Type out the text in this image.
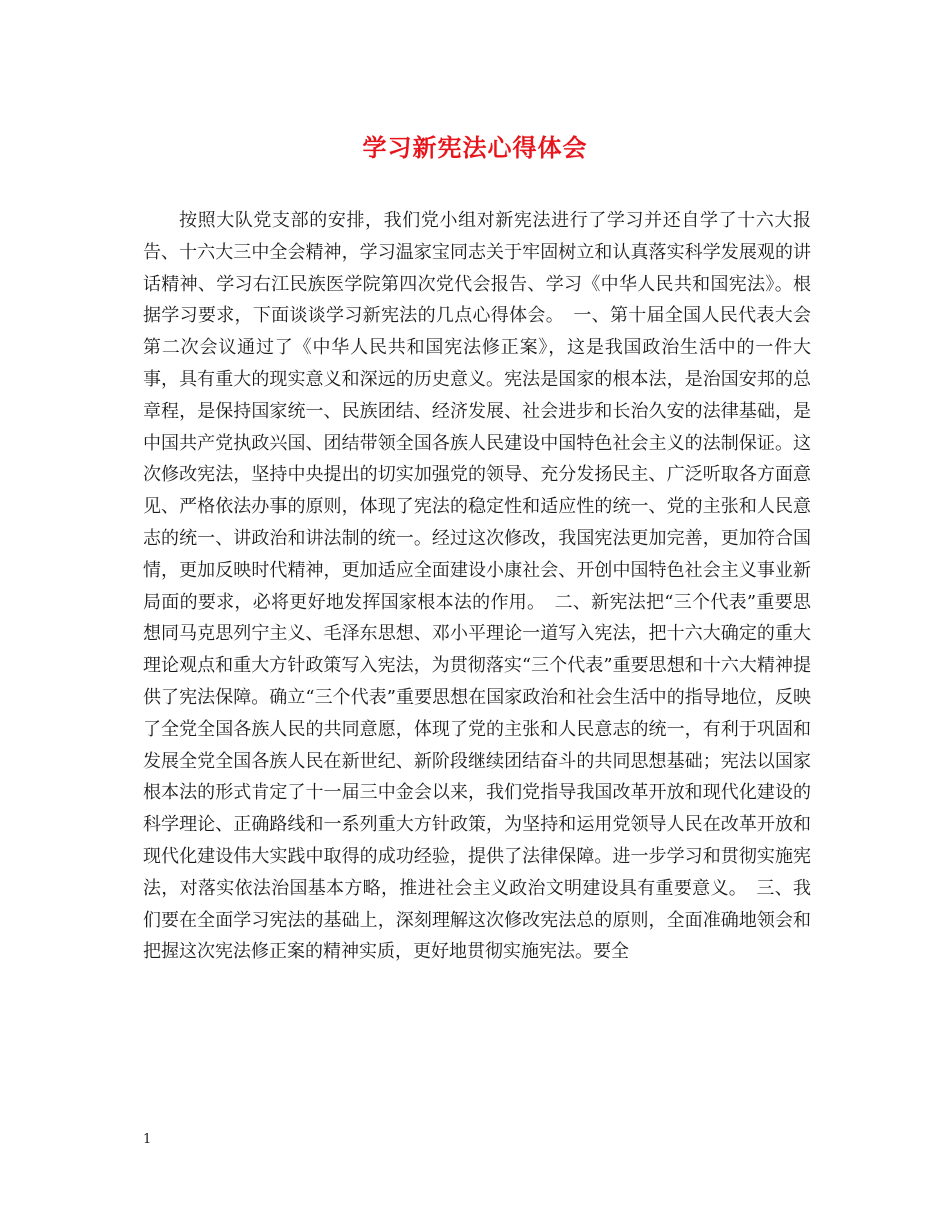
学习新宪法心得体会

按照大队党支部的安排，我们党小组对新宪法进行了学习并还自学了十六大报告、十六大三中全会精神，学习温家宝同志关于牢固树立和认真落实科学发展观的讲话精神、学习右江民族医学院第四次党代会报告、学习《中华人民共和国宪法》。根据学习要求，下面谈谈学习新宪法的几点心得体会。　一、第十届全国人民代表大会第二次会议通过了《中华人民共和国宪法修正案》，这是我国政治生活中的一件大事，具有重大的现实意义和深远的历史意义。宪法是国家的根本法，是治国安邦的总章程，是保持国家统一、民族团结、经济发展、社会进步和长治久安的法律基础，是中国共产党执政兴国、团结带领全国各族人民建设中国特色社会主义的法制保证。这次修改宪法，坚持中央提出的切实加强党的领导、充分发扬民主、广泛听取各方面意见、严格依法办事的原则，体现了宪法的稳定性和适应性的统一、党的主张和人民意志的统一、讲政治和讲法制的统一。经过这次修改，我国宪法更加完善，更加符合国情，更加反映时代精神，更加适应全面建设小康社会、开创中国特色社会主义事业新局面的要求，必将更好地发挥国家根本法的作用。　二、新宪法把“三个代表”重要思想同马克思列宁主义、毛泽东思想、邓小平理论一道写入宪法，把十六大确定的重大理论观点和重大方针政策写入宪法，为贯彻落实“三个代表”重要思想和十六大精神提供了宪法保障。确立“三个代表”重要思想在国家政治和社会生活中的指导地位，反映了全党全国各族人民的共同意愿，体现了党的主张和人民意志的统一，有利于巩固和发展全党全国各族人民在新世纪、新阶段继续团结奋斗的共同思想基础；宪法以国家根本法的形式肯定了十一届三中金会以来，我们党指导我国改革开放和现代化建设的科学理论、正确路线和一系列重大方针政策，为坚持和运用党领导人民在改革开放和现代化建设伟大实践中取得的成功经验，提供了法律保障。进一步学习和贯彻实施宪法，对落实依法治国基本方略，推进社会主义政治文明建设具有重要意义。　三、我们要在全面学习宪法的基础上，深刻理解这次修改宪法总的原则，全面准确地领会和把握这次宪法修正案的精神实质，更好地贯彻实施宪法。要全

1
